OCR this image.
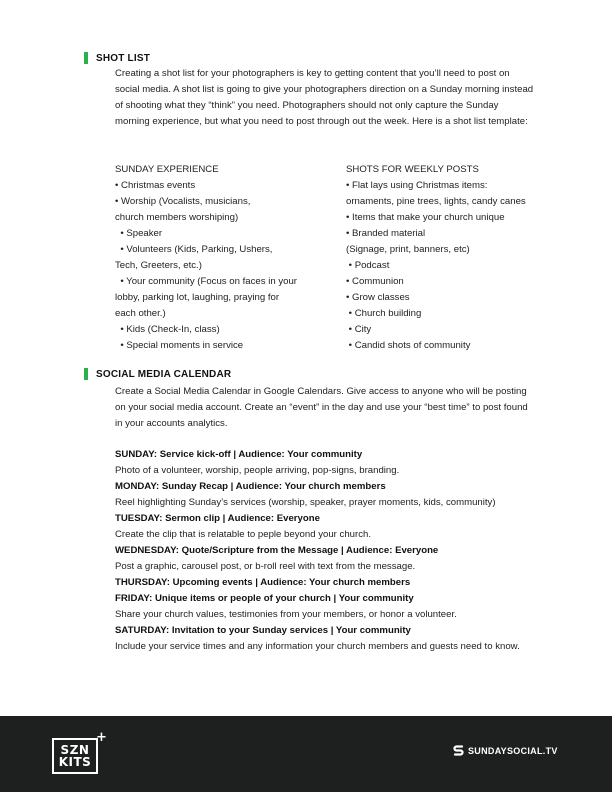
SHOT LIST

Creating a shot list for your photographers is key to getting content that you’ll need to post on social media. A shot list is going to give your photographers direction on a Sunday morning instead of shooting what they “think” you need. Photographers should not only capture the Sunday morning experience, but what you need to post through out the week. Here is a shot list template:

SUNDAY EXPERIENCE
• Christmas events
• Worship (Vocalists, musicians,
church members worshiping)
• Speaker
• Volunteers (Kids, Parking, Ushers,
Tech, Greeters, etc.)
• Your community (Focus on faces in your
lobby, parking lot, laughing, praying for
each other.)
• Kids (Check-In, class)
• Special moments in service
SHOTS FOR WEEKLY POSTS
• Flat lays using Christmas items:
ornaments, pine trees, lights, candy canes
• Items that make your church unique
• Branded material
(Signage, print, banners, etc)
• Podcast
• Communion
• Grow classes
• Church building
• City
• Candid shots of community
SOCIAL MEDIA CALENDAR

Create a Social Media Calendar in Google Calendars. Give access to anyone who will be posting on your social media account. Create an “event” in the day and use your “best time” to post found in your accounts analytics.

SUNDAY: Service kick-off | Audience: Your community
Photo of a volunteer, worship, people arriving, pop-signs, branding.
MONDAY: Sunday Recap | Audience: Your church members
Reel highlighting Sunday’s services (worship, speaker, prayer moments, kids, community)
TUESDAY: Sermon clip | Audience: Everyone
Create the clip that is relatable to peple beyond your church.
WEDNESDAY: Quote/Scripture from the Message | Audience: Everyone
Post a graphic, carousel post, or b-roll reel with text from the message.
THURSDAY: Upcoming events | Audience: Your church members
FRIDAY: Unique items or people of your church | Your community
Share your church values, testimonies from your members, or honor a volunteer.
SATURDAY: Invitation to your Sunday services | Your community
Include your service times and any information your church members and guests need to know.
SZN
KITS
+
SUNDAYSOCIAL.TV
